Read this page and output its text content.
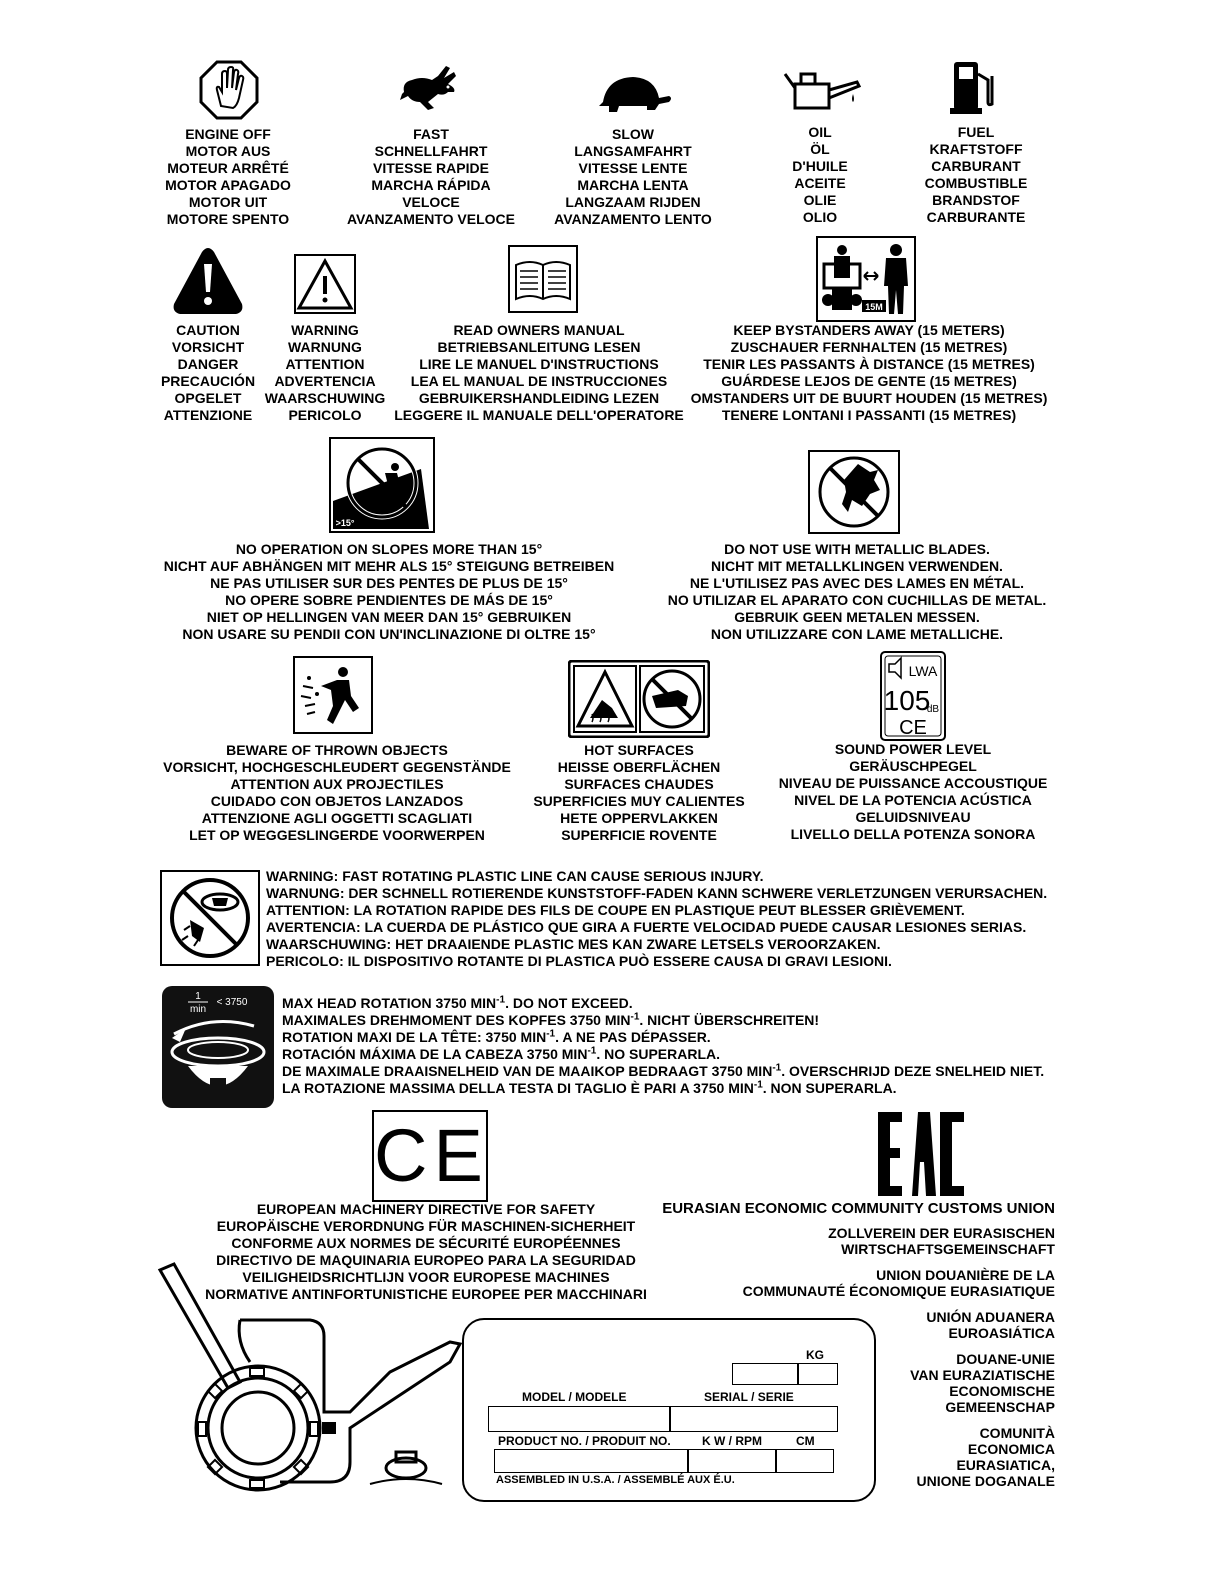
ENGINE OFF
MOTOR AUS
MOTEUR ARRÊTÉ
MOTOR APAGADO
MOTOR UIT
MOTORE SPENTO
FAST
SCHNELLFAHRT
VITESSE RAPIDE
MARCHA RÁPIDA
VELOCE
AVANZAMENTO VELOCE
SLOW
LANGSAMFAHRT
VITESSE LENTE
MARCHA LENTA
LANGZAAM RIJDEN
AVANZAMENTO LENTO
OIL
ÖL
D'HUILE
ACEITE
OLIE
OLIO
FUEL
KRAFTSTOFF
CARBURANT
COMBUSTIBLE
BRANDSTOF
CARBURANTE
15M
CAUTION
VORSICHT
DANGER
PRECAUCIÓN
OPGELET
ATTENZIONE
WARNING
WARNUNG
ATTENTION
ADVERTENCIA
WAARSCHUWING
PERICOLO
READ OWNERS MANUAL
BETRIEBSANLEITUNG LESEN
LIRE LE MANUEL D'INSTRUCTIONS
LEA EL MANUAL DE INSTRUCCIONES
GEBRUIKERSHANDLEIDING LEZEN
LEGGERE IL MANUALE DELL'OPERATORE
KEEP BYSTANDERS AWAY (15 METERS)
ZUSCHAUER FERNHALTEN (15 METRES)
TENIR LES PASSANTS À DISTANCE (15 METRES)
GUÁRDESE LEJOS DE GENTE (15 METRES)
OMSTANDERS UIT DE BUURT HOUDEN (15 METRES)
TENERE LONTANI I PASSANTI (15 METRES)
>15°
NO OPERATION ON SLOPES MORE THAN 15°
NICHT AUF ABHÄNGEN MIT MEHR ALS 15° STEIGUNG BETREIBEN
NE PAS UTILISER SUR DES PENTES DE PLUS DE 15°
NO OPERE SOBRE PENDIENTES DE MÁS DE 15°
NIET OP HELLINGEN VAN MEER DAN 15° GEBRUIKEN
NON USARE SU PENDII CON UN'INCLINAZIONE DI OLTRE 15°
DO NOT USE WITH METALLIC BLADES.
NICHT MIT METALLKLINGEN VERWENDEN.
NE L'UTILISEZ PAS AVEC DES LAMES EN MÉTAL.
NO UTILIZAR EL APARATO CON CUCHILLAS DE METAL.
GEBRUIK GEEN METALEN MESSEN.
NON UTILIZZARE CON LAME METALLICHE.
LWA
105
dB
CE
BEWARE OF THROWN OBJECTS
VORSICHT, HOCHGESCHLEUDERT GEGENSTÄNDE
ATTENTION AUX PROJECTILES
CUIDADO CON OBJETOS LANZADOS
ATTENZIONE AGLI OGGETTI SCAGLIATI
LET OP WEGGESLINGERDE VOORWERPEN
HOT SURFACES
HEISSE OBERFLÄCHEN
SURFACES CHAUDES
SUPERFICIES MUY CALIENTES
HETE OPPERVLAKKEN
SUPERFICIE ROVENTE
SOUND POWER LEVEL
GERÄUSCHPEGEL
NIVEAU DE PUISSANCE ACCOUSTIQUE
NIVEL DE LA POTENCIA ACÚSTICA
GELUIDSNIVEAU
LIVELLO DELLA POTENZA SONORA
WARNING: FAST ROTATING PLASTIC LINE CAN CAUSE SERIOUS INJURY.
WARNUNG: DER SCHNELL ROTIERENDE KUNSTSTOFF-FADEN KANN SCHWERE VERLETZUNGEN VERURSACHEN.
ATTENTION: LA ROTATION RAPIDE DES FILS DE COUPE EN PLASTIQUE PEUT BLESSER GRIÈVEMENT.
AVERTENCIA: LA CUERDA DE PLÁSTICO QUE GIRA A FUERTE VELOCIDAD PUEDE CAUSAR LESIONES SERIAS.
WAARSCHUWING: HET DRAAIENDE PLASTIC MES KAN ZWARE LETSELS VEROORZAKEN.
PERICOLO: IL DISPOSITIVO ROTANTE DI PLASTICA PUÒ ESSERE CAUSA DI GRAVI LESIONI.
1
min
< 3750 MAX HEAD ROTATION 3750 $MIN^{-1}$. DO NOT EXCEED.
MAXIMALES DREHMOMENT DES KOPFES 3750 $MIN^{-1}$. NICHT ÜBERSCHREITEN!
ROTATION MAXI DE LA TÊTE: 3750 $MIN^{-1}$. A NE PAS DÉPASSER.
ROTACIÓN MÁXIMA DE LA CABEZA 3750 $MIN^{-1}$. NO SUPERARLA.
DE MAXIMALE DRAAISNELHEID VAN DE MAAIKOP BEDRAAGT 3750 $MIN^{-1}$. OVERSCHRIJD DEZE SNELHEID NIET.
LA ROTAZIONE MASSIMA DELLA TESTA DI TAGLIO È PARI A 3750 $MIN^{-1}$. NON SUPERARLA.
CE
EUROPEAN MACHINERY DIRECTIVE FOR SAFETY
EUROPÄISCHE VERORDNUNG FÜR MASCHINEN-SICHERHEIT
CONFORME AUX NORMES DE SÉCURITÉ EUROPÉENNES
DIRECTIVO DE MAQUINARIA EUROPEO PARA LA SEGURIDAD
VEILIGHEIDSRICHTLIJN VOOR EUROPESE MACHINES
NORMATIVE ANTINFORTUNISTICHE EUROPEE PER MACCHINARI
EURASIAN ECONOMIC COMMUNITY CUSTOMS UNION
ZOLLVEREIN DER EURASISCHEN
WIRTSCHAFTSGEMEINSCHAFT
UNION DOUANIÈRE DE LA
COMMUNAUTÉ ÉCONOMIQUE EURASIATIQUE
UNIÓN ADUANERA
EUROASIÁTICA
DOUANE-UNIE
VAN EURAZIATISCHE
ECONOMISCHE
GEMEENSCHAP
COMUNITÀ
ECONOMICA
EURASIATICA,
UNIONE DOGANALE
KG
MODEL / MODELE	SERIAL / SERIE
PRODUCT NO. / PRODUIT NO.	K W / RPM	CM
ASSEMBLED IN U.S.A. / ASSEMBLÉ AUX É.U.
